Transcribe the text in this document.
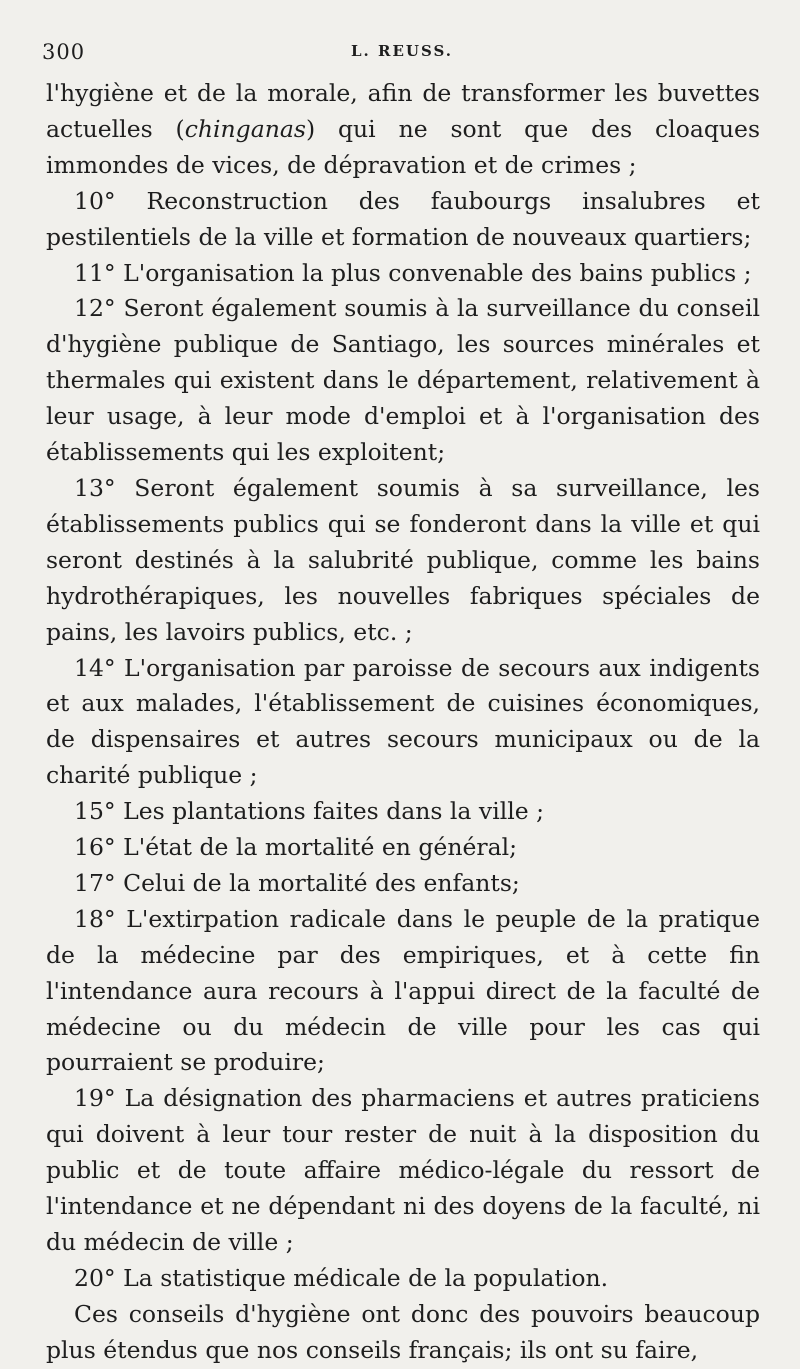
300	L. REUSS.

l'hygiène et de la morale, afin de transformer les buvettes actuelles (chinganas) qui ne sont que des cloaques immondes de vices, de dépravation et de crimes ;

10° Reconstruction des faubourgs insalubres et pestilentiels de la ville et formation de nouveaux quartiers;

11° L'organisation la plus convenable des bains publics ;

12° Seront également soumis à la surveillance du conseil d'hygiène publique de Santiago, les sources minérales et thermales qui existent dans le département, relativement à leur usage, à leur mode d'emploi et à l'organisation des établissements qui les exploitent;

13° Seront également soumis à sa surveillance, les établissements publics qui se fonderont dans la ville et qui seront destinés à la salubrité publique, comme les bains hydrothérapiques, les nouvelles fabriques spéciales de pains, les lavoirs publics, etc. ;

14° L'organisation par paroisse de secours aux indigents et aux malades, l'établissement de cuisines économiques, de dispensaires et autres secours municipaux ou de la charité publique ;

15° Les plantations faites dans la ville ;

16° L'état de la mortalité en général;

17° Celui de la mortalité des enfants;

18° L'extirpation radicale dans le peuple de la pratique de la médecine par des empiriques, et à cette fin l'intendance aura recours à l'appui direct de la faculté de médecine ou du médecin de ville pour les cas qui pourraient se produire;

19° La désignation des pharmaciens et autres praticiens qui doivent à leur tour rester de nuit à la disposition du public et de toute affaire médico-légale du ressort de l'intendance et ne dépendant ni des doyens de la faculté, ni du médecin de ville ;

20° La statistique médicale de la population.

Ces conseils d'hygiène ont donc des pouvoirs beaucoup plus étendus que nos conseils français; ils ont su faire,
